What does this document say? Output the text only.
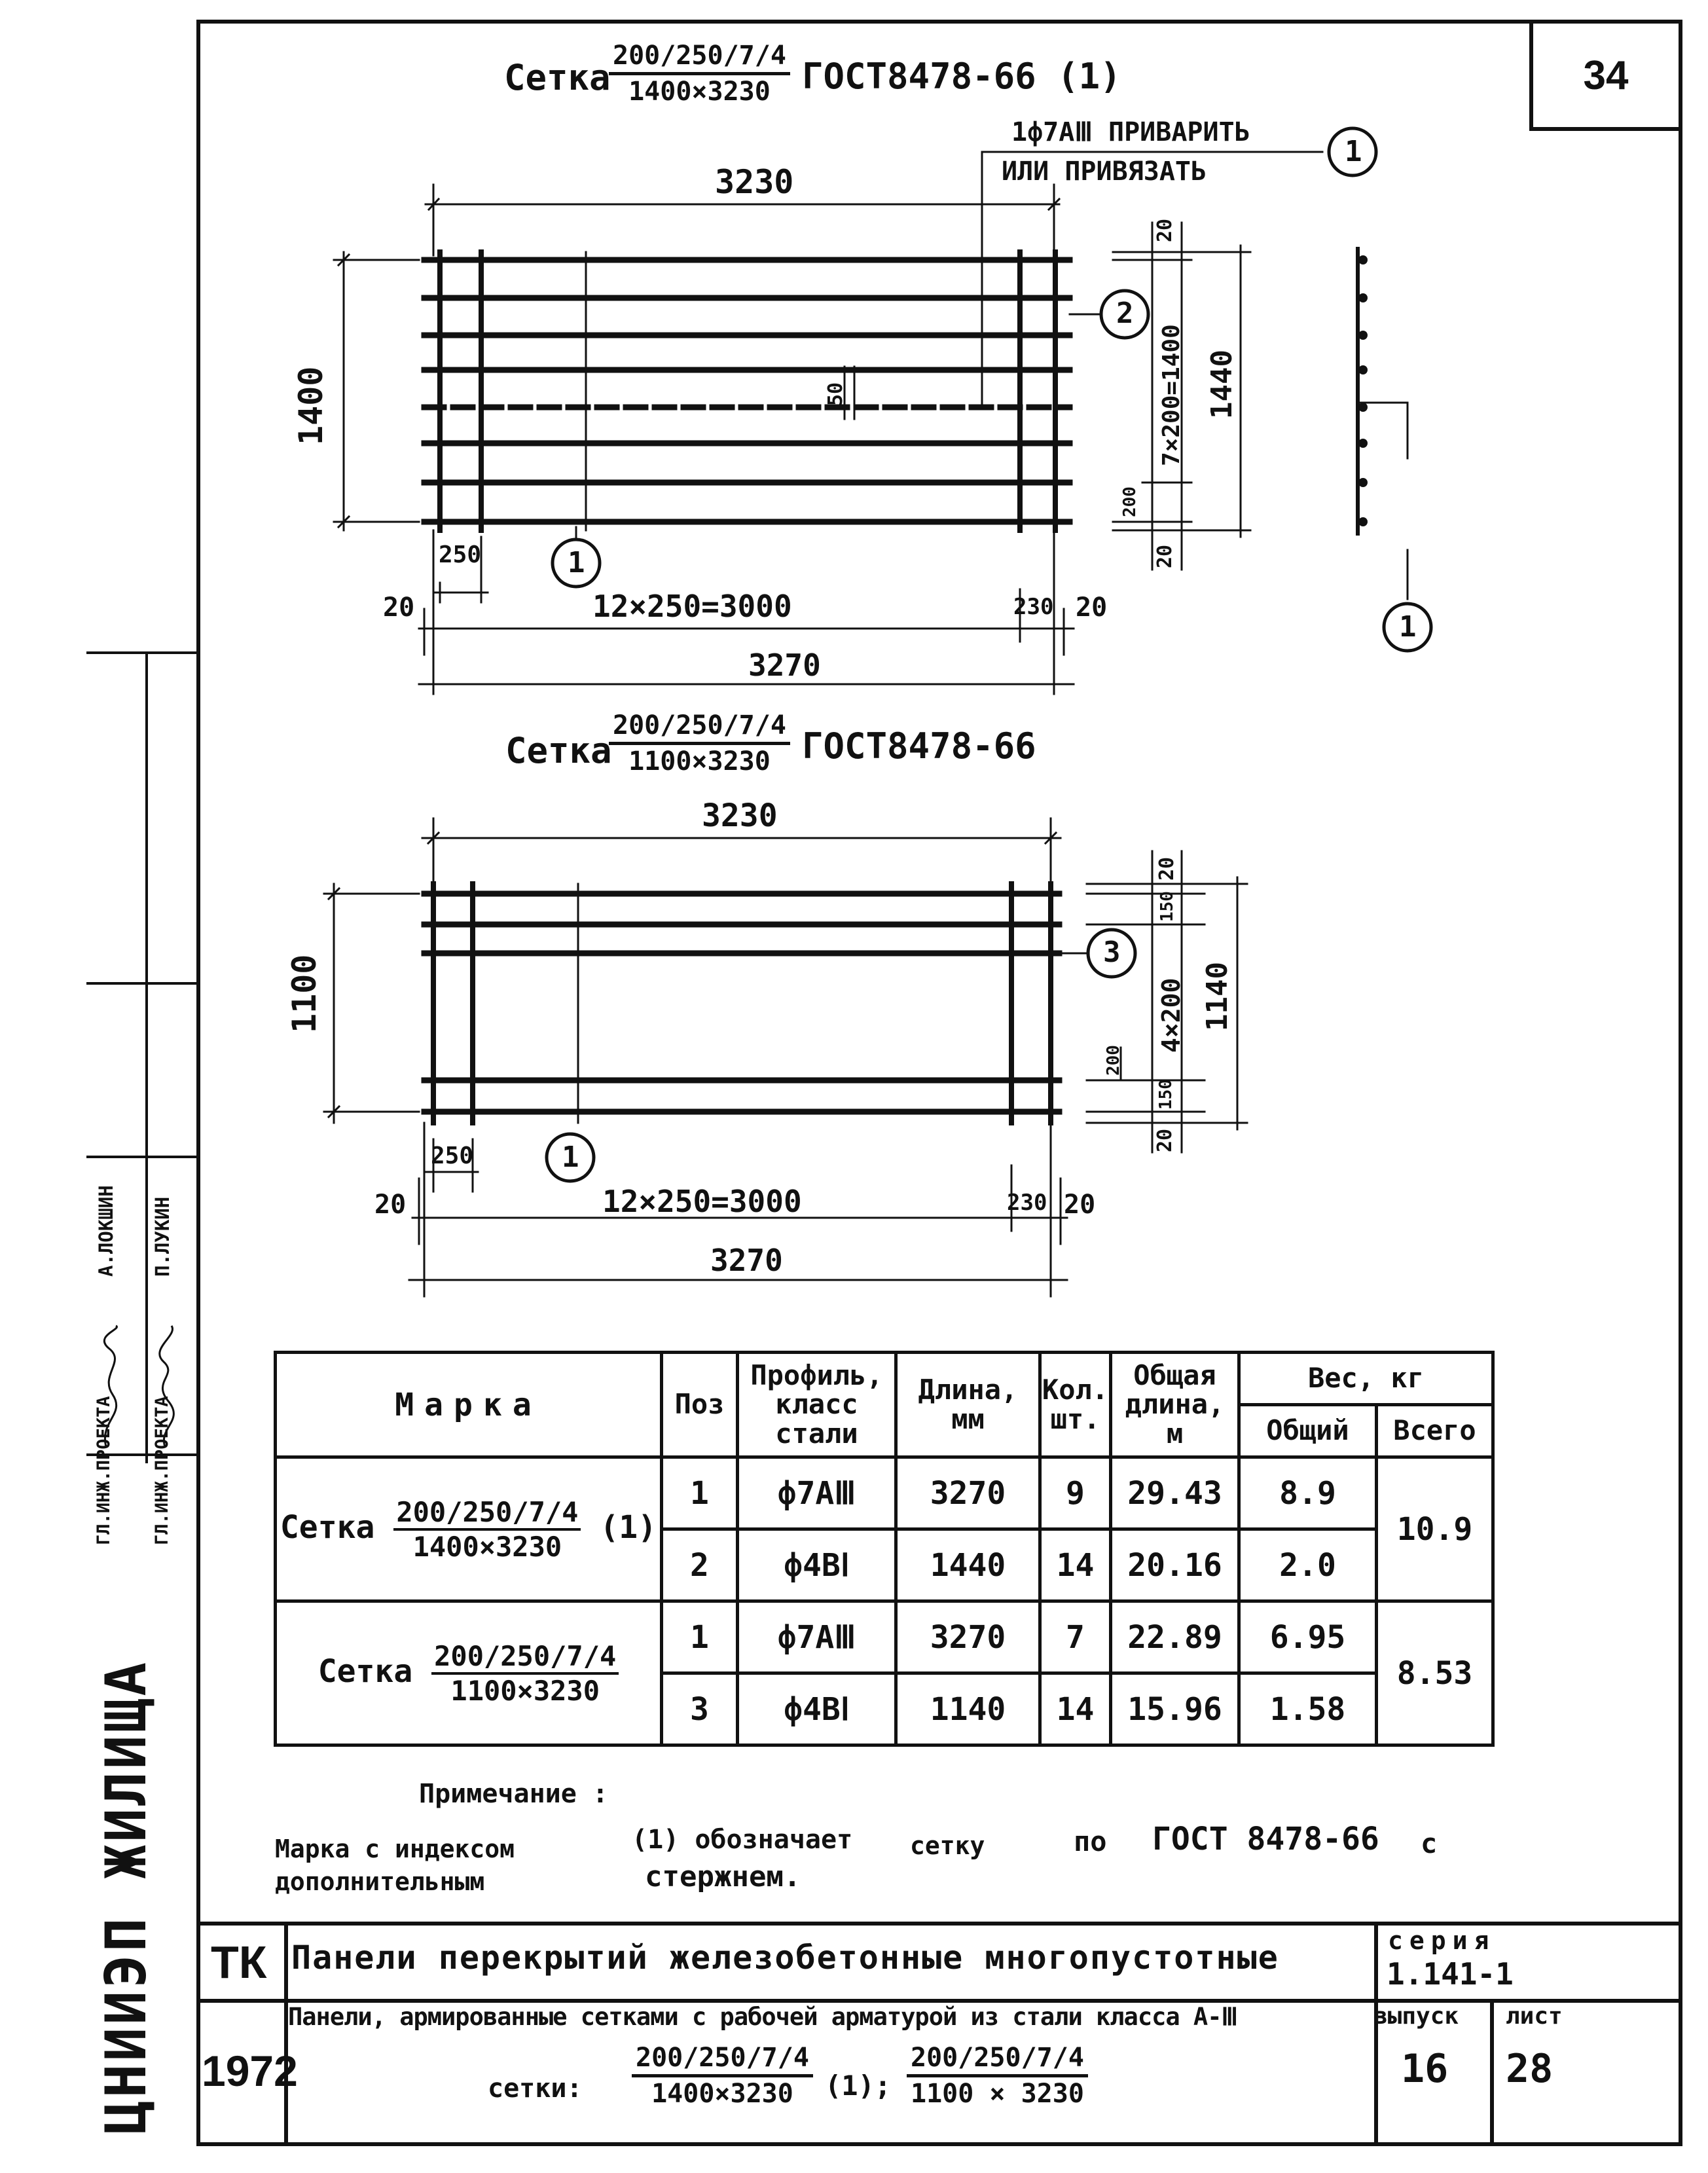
34
Сетка
$\frac{200/250/7/4}{1400\times 3230}$ ГОСТ8478-66 (1)
1ф7АⅢ ПРИВАРИТЬ
ИЛИ ПРИВЯЗАТЬ
3230
1400	7×200=1400 1440
20
20
200
50
250
20	12×250=3000	230 20
3270
1
2
1
1
Сетка
$\frac{200/250/7/4}{1100\times 3230}$ ГОСТ8478-66
3230
1100	1140
4×200
20
150
200
150
20
250
20	12×250=3000	230 20
3270
3
1
Марка	Поз	Профиль, класс стали	Длина, мм	Кол. шт.	Общая длина, м	Вес, кг	
						Общий	Всего
Сетка $\frac{200/250/7/4}{1400\times 3230} (1)$	1	ф7АⅢ	3270	9	29.43	8.9	10.9
	2	ф4ВⅠ	1440	14	20.16	2.0	
Сетка $\frac{200/250/7/4}{1100\times 3230}$	1	ф7АⅢ	3270	7	22.89	6.95	8.53
	3	ф4ВⅠ	1140	14	15.96	1.58	
Примечание :
Марка с индексом	(1) обозначает сетку	по ГОСТ 8478-66 с
дополнительным	стержнем.
ТК
1972
Панели перекрытий железобетонные многопустотные
Панели, армированные сетками с рабочей арматурой из стали класса А-Ⅲ
сетки: $\frac{200/250/7/4}{1400\times 3230} (1)$; $\frac{200/250/7/4}{1100 \times 3230}$
серия
1.141-1
выпуск
16
лист
28
ЦНИИЭП ЖИЛИЩА
ГЛ.ИНЖ.ПРОЕКТА ГЛ.ИНЖ.ПРОЕКТА
А.ЛОКШИН П.ЛУКИН
